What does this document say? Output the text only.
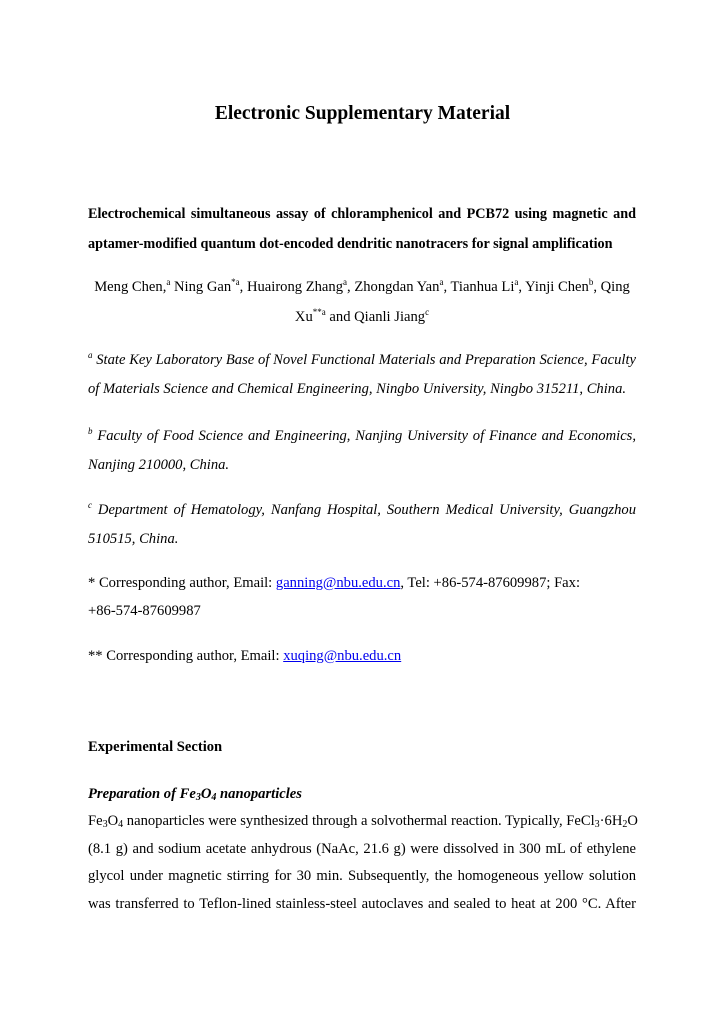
Electronic Supplementary Material
Electrochemical simultaneous assay of chloramphenicol and PCB72 using magnetic and
aptamer-modified quantum dot-encoded dendritic nanotracers for signal amplification
Meng Chen,$^a$ Ning Gan$^{*a}$, Huairong Zhang$^a$, Zhongdan Yan$^a$, Tianhua Li$^a$, Yinji Chen$^b$, Qing
Xu$^{**a}$ and Qianli Jiang$^c$
$^a$ State Key Laboratory Base of Novel Functional Materials and Preparation Science, Faculty
of Materials Science and Chemical Engineering, Ningbo University, Ningbo 315211, China.
$^b$ Faculty of Food Science and Engineering, Nanjing University of Finance and Economics,
Nanjing 210000, China.
$^c$ Department of Hematology, Nanfang Hospital, Southern Medical University, Guangzhou
510515, China.
* Corresponding author, Email: ganning@nbu.edu.cn, Tel: +86-574-87609987; Fax:
+86-574-87609987
** Corresponding author, Email: xuqing@nbu.edu.cn
Experimental Section
Preparation of $Fe_3O_4$ nanoparticles
$Fe_3O_4$ nanoparticles were synthesized through a solvothermal reaction. Typically, $FeCl_3\cdot 6H_2O$
(8.1 g) and sodium acetate anhydrous (NaAc, 21.6 g) were dissolved in 300 mL of ethylene
glycol under magnetic stirring for 30 min. Subsequently, the homogeneous yellow solution
was transferred to Teflon-lined stainless-steel autoclaves and sealed to heat at 200 °C. After
